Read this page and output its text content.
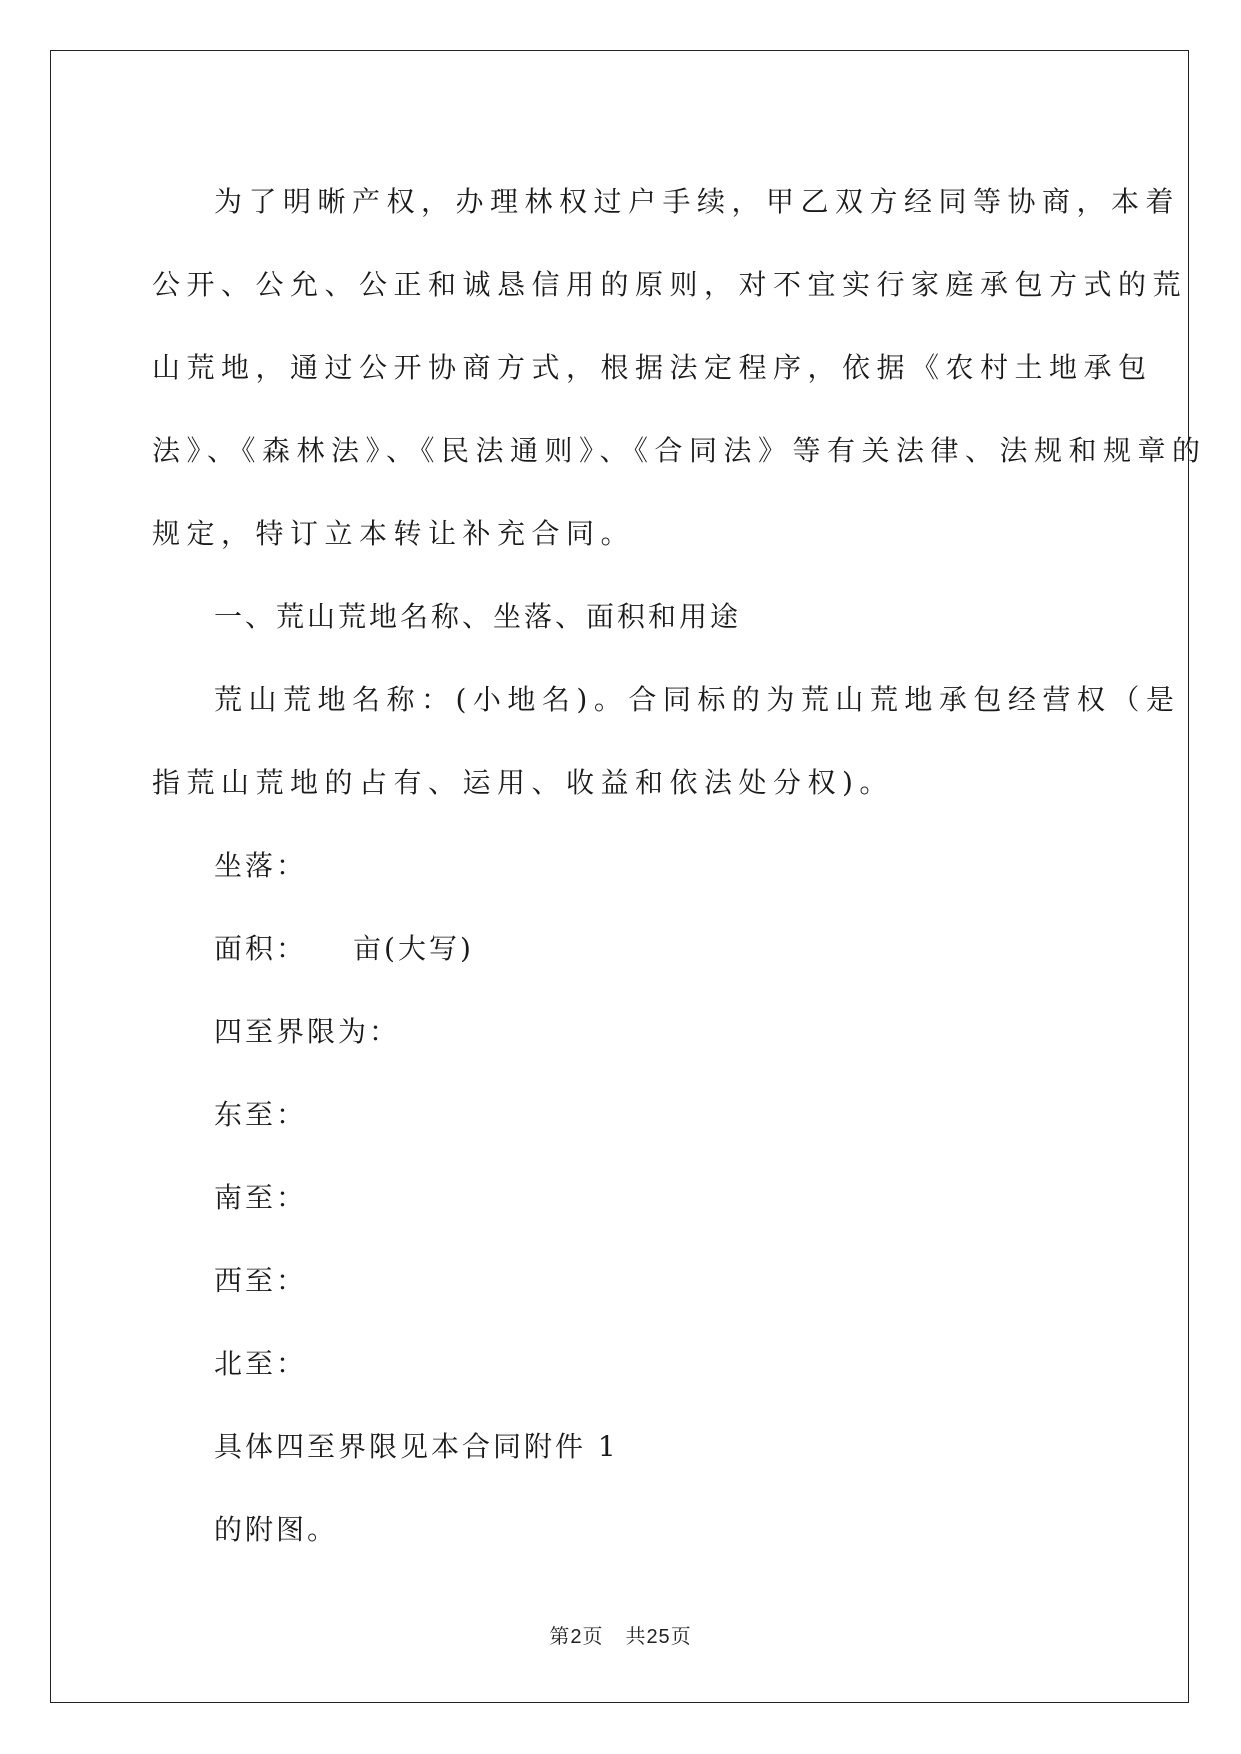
为了明晰产权，办理林权过户手续，甲乙双方经同等协商，本着
公开、公允、公正和诚恳信用的原则，对不宜实行家庭承包方式的荒
山荒地，通过公开协商方式，根据法定程序，依据《农村土地承包
法》、《森林法》、《民法通则》、《合同法》等有关法律、法规和规章的
规定，特订立本转让补充合同。
一、荒山荒地名称、坐落、面积和用途
荒山荒地名称：(小地名)。合同标的为荒山荒地承包经营权（是
指荒山荒地的占有、运用、收益和依法处分权)。
坐落：
面积： 亩(大写)
四至界限为：
东至：
南至：
西至：
北至：
具体四至界限见本合同附件 1
的附图。
第2页 共25页
